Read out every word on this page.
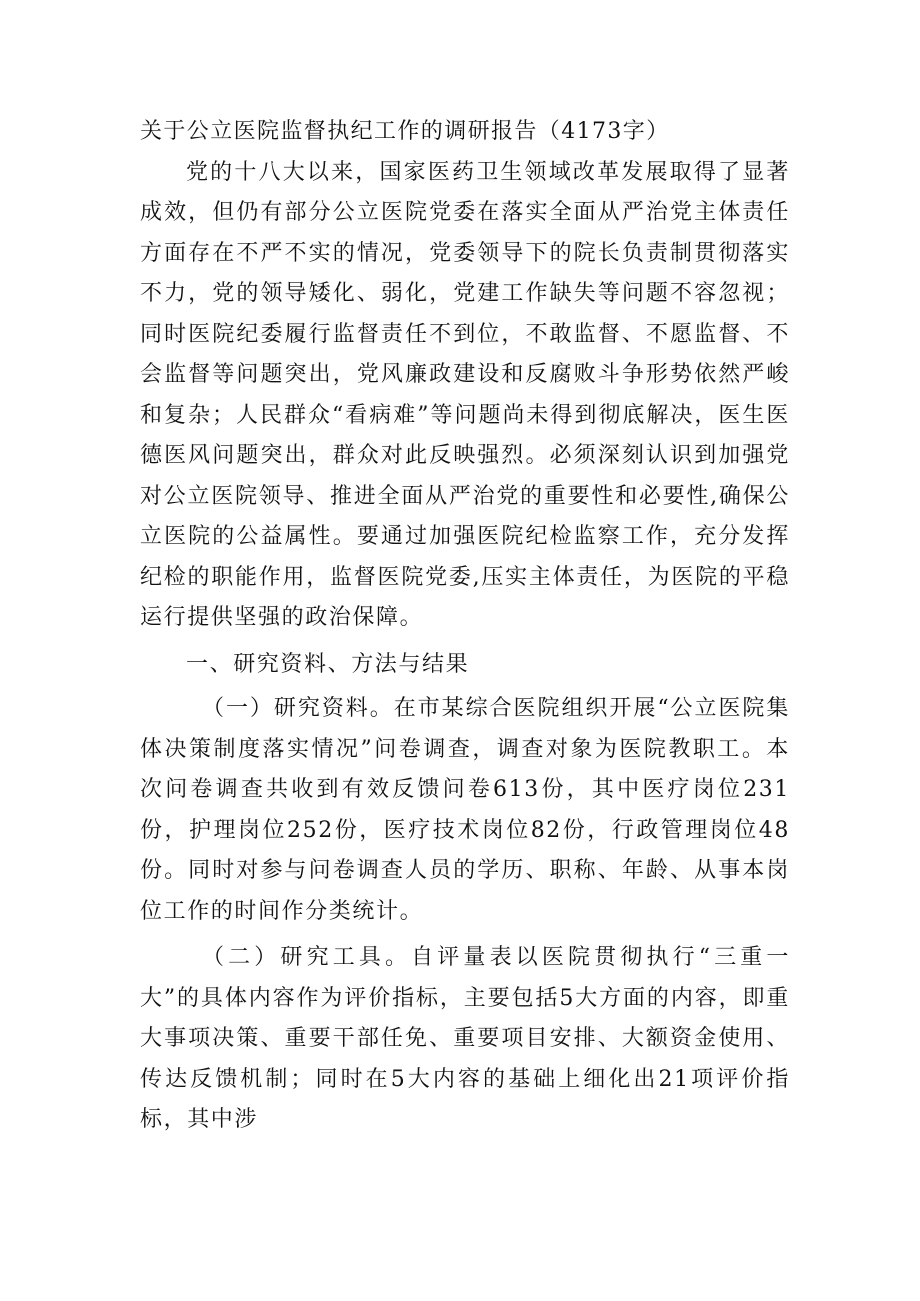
关于公立医院监督执纪工作的调研报告（4173字）

党的十八大以来，国家医药卫生领域改革发展取得了显著成效，但仍有部分公立医院党委在落实全面从严治党主体责任方面存在不严不实的情况，党委领导下的院长负责制贯彻落实不力，党的领导矮化、弱化，党建工作缺失等问题不容忽视；同时医院纪委履行监督责任不到位，不敢监督、不愿监督、不会监督等问题突出，党风廉政建设和反腐败斗争形势依然严峻和复杂；人民群众“看病难”等问题尚未得到彻底解决，医生医德医风问题突出，群众对此反映强烈。必须深刻认识到加强党对公立医院领导、推进全面从严治党的重要性和必要性,确保公立医院的公益属性。要通过加强医院纪检监察工作，充分发挥纪检的职能作用，监督医院党委,压实主体责任，为医院的平稳运行提供坚强的政治保障。

一、研究资料、方法与结果

（一）研究资料。在市某综合医院组织开展“公立医院集体决策制度落实情况”问卷调查，调查对象为医院教职工。本次问卷调查共收到有效反馈问卷613份，其中医疗岗位231份，护理岗位252份，医疗技术岗位82份，行政管理岗位48份。同时对参与问卷调查人员的学历、职称、年龄、从事本岗位工作的时间作分类统计。

（二）研究工具。自评量表以医院贯彻执行“三重一大”的具体内容作为评价指标，主要包括5大方面的内容，即重大事项决策、重要干部任免、重要项目安排、大额资金使用、传达反馈机制；同时在5大内容的基础上细化出21项评价指标，其中涉
